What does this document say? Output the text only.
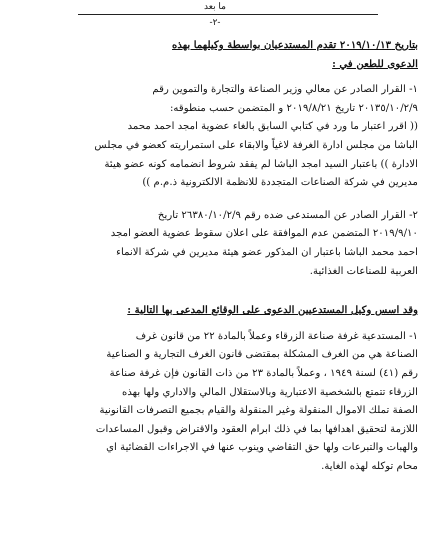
ما بعد
-٢-

بتاريخ ٢٠١٩/١٠/١٣ تقدم المستدعيان بواسطة وكيلهما بهذه

الدعوى للطعن في :

١- القرار الصادر عن معالي وزير الصناعة والتجارة والتموين رقم

٢٠١٣٥/١٠/٢/٩ تاريخ ٢٠١٩/٨/٢١ و المتضمن حسب منطوقه:

(( اقرر اعتبار ما ورد في كتابي السابق بالغاء عضوية امجد احمد محمد

الباشا من مجلس ادارة الغرفة لاغياً والابقاء على استمراريته كعضو في مجلس

الادارة )) باعتبار السيد امجد الباشا لم يفقد شروط انضمامه كونه عضو هيئة

مديرين في شركة الصناعات المتجددة للانظمة الالكترونية ذ.م.م ))

٢- القرار الصادر عن المستدعى ضده رقم ٢٦٣٨٠/١٠/٢/٩ تاريخ

٢٠١٩/٩/١٠ المتضمن عدم الموافقة على اعلان سقوط عضوية العضو امجد

احمد محمد الباشا باعتبار ان المذكور عضو هيئة مديرين في شركة الانماء

العربية للصناعات الغذائية.

وقد اسس وكيل المستدعيين الدعوى على الوقائع المدعى بها التالية :

١- المستدعية غرفة صناعة الزرقاء وعملاً بالمادة ٢٢ من قانون غرف

الصناعة هي من الغرف المشكلة بمقتضى قانون الغرف التجارية و الصناعية

رقم (٤١) لسنة ١٩٤٩ ، وعملاً بالمادة ٢٣ من ذات القانون فإن غرفة صناعة

الزرقاء تتمتع بالشخصية الاعتبارية وبالاستقلال المالي والاداري ولها بهذه

الصفة تملك الاموال المنقولة وغير المنقولة والقيام بجميع التصرفات القانونية

اللازمة لتحقيق اهدافها بما في ذلك ابرام العقود والاقتراض وقبول المساعدات

والهبات والتبرعات ولها حق التقاضي وينوب عنها في الاجراءات القضائية اي

محام توكله لهذه الغاية.
